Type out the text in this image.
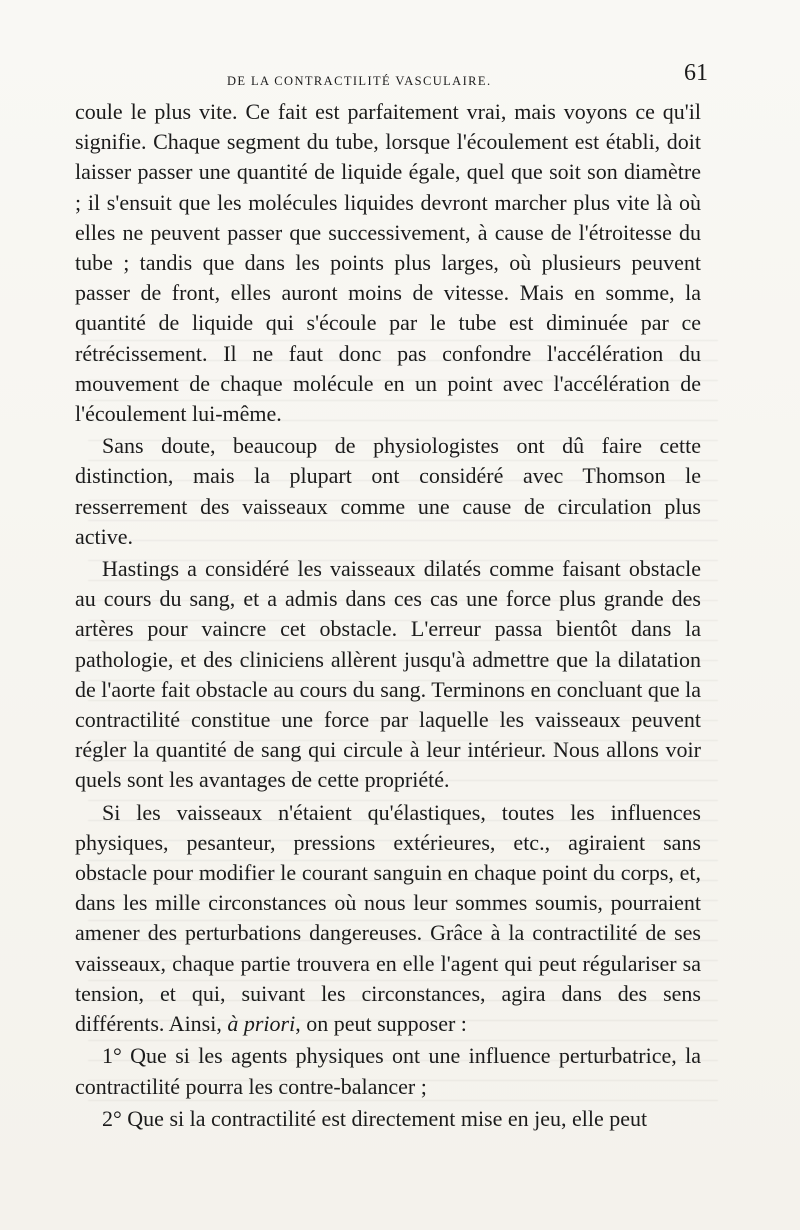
DE LA CONTRACTILITÉ VASCULAIRE.	61

coule le plus vite. Ce fait est parfaitement vrai, mais voyons ce qu'il signifie. Chaque segment du tube, lorsque l'écoulement est établi, doit laisser passer une quantité de liquide égale, quel que soit son diamètre ; il s'ensuit que les molécules liquides devront marcher plus vite là où elles ne peuvent passer que successivement, à cause de l'étroitesse du tube ; tandis que dans les points plus larges, où plusieurs peuvent passer de front, elles auront moins de vitesse. Mais en somme, la quantité de liquide qui s'écoule par le tube est diminuée par ce rétrécissement. Il ne faut donc pas confondre l'accélération du mouvement de chaque molécule en un point avec l'accélération de l'écoulement lui-même.

Sans doute, beaucoup de physiologistes ont dû faire cette distinction, mais la plupart ont considéré avec Thomson le resserrement des vaisseaux comme une cause de circulation plus active.

Hastings a considéré les vaisseaux dilatés comme faisant obstacle au cours du sang, et a admis dans ces cas une force plus grande des artères pour vaincre cet obstacle. L'erreur passa bientôt dans la pathologie, et des cliniciens allèrent jusqu'à admettre que la dilatation de l'aorte fait obstacle au cours du sang. Terminons en concluant que la contractilité constitue une force par laquelle les vaisseaux peuvent régler la quantité de sang qui circule à leur intérieur. Nous allons voir quels sont les avantages de cette propriété.

Si les vaisseaux n'étaient qu'élastiques, toutes les influences physiques, pesanteur, pressions extérieures, etc., agiraient sans obstacle pour modifier le courant sanguin en chaque point du corps, et, dans les mille circonstances où nous leur sommes soumis, pourraient amener des perturbations dangereuses. Grâce à la contractilité de ses vaisseaux, chaque partie trouvera en elle l'agent qui peut régulariser sa tension, et qui, suivant les circonstances, agira dans des sens différents. Ainsi, à priori, on peut supposer :

1° Que si les agents physiques ont une influence perturbatrice, la contractilité pourra les contre-balancer ;

2° Que si la contractilité est directement mise en jeu, elle peut
